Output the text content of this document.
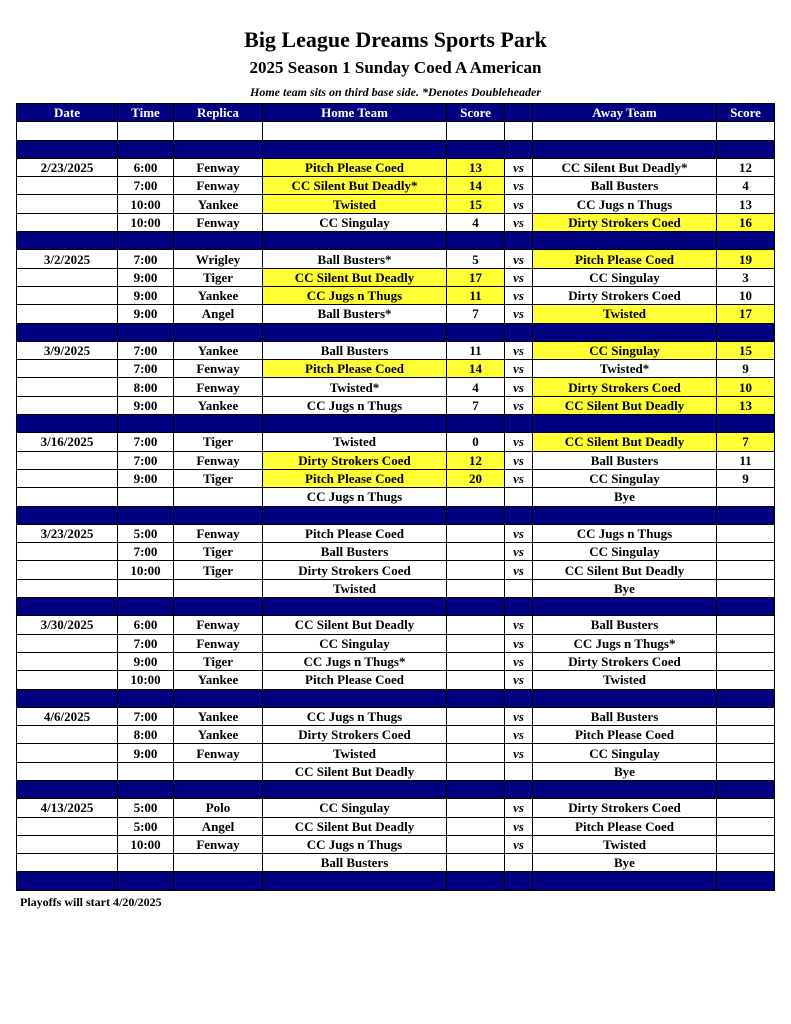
Big League Dreams Sports Park
2025 Season 1 Sunday Coed A American
Home team sits on third base side. *Denotes Doubleheader
Date	Time	Replica	Home Team	Score		Away Team	Score

2/23/2025	6:00	Fenway	Pitch Please Coed	13	vs	CC Silent But Deadly*	12
	7:00	Fenway	CC Silent But Deadly*	14	vs	Ball Busters	4
	10:00	Yankee	Twisted	15	vs	CC Jugs n Thugs	13
	10:00	Fenway	CC Singulay	4	vs	Dirty Strokers Coed	16

3/2/2025	7:00	Wrigley	Ball Busters*	5	vs	Pitch Please Coed	19
	9:00	Tiger	CC Silent But Deadly	17	vs	CC Singulay	3
	9:00	Yankee	CC Jugs n Thugs	11	vs	Dirty Strokers Coed	10
	9:00	Angel	Ball Busters*	7	vs	Twisted	17

3/9/2025	7:00	Yankee	Ball Busters	11	vs	CC Singulay	15
	7:00	Fenway	Pitch Please Coed	14	vs	Twisted*	9
	8:00	Fenway	Twisted*	4	vs	Dirty Strokers Coed	10
	9:00	Yankee	CC Jugs n Thugs	7	vs	CC Silent But Deadly	13

3/16/2025	7:00	Tiger	Twisted	0	vs	CC Silent But Deadly	7
	7:00	Fenway	Dirty Strokers Coed	12	vs	Ball Busters	11
	9:00	Tiger	Pitch Please Coed	20	vs	CC Singulay	9
			CC Jugs n Thugs			Bye	

3/23/2025	5:00	Fenway	Pitch Please Coed		vs	CC Jugs n Thugs	
	7:00	Tiger	Ball Busters		vs	CC Singulay	
	10:00	Tiger	Dirty Strokers Coed		vs	CC Silent But Deadly	
			Twisted			Bye	

3/30/2025	6:00	Fenway	CC Silent But Deadly		vs	Ball Busters	
	7:00	Fenway	CC Singulay		vs	CC Jugs n Thugs*	
	9:00	Tiger	CC Jugs n Thugs*		vs	Dirty Strokers Coed	
	10:00	Yankee	Pitch Please Coed		vs	Twisted	

4/6/2025	7:00	Yankee	CC Jugs n Thugs		vs	Ball Busters	
	8:00	Yankee	Dirty Strokers Coed		vs	Pitch Please Coed	
	9:00	Fenway	Twisted		vs	CC Singulay	
			CC Silent But Deadly			Bye	

4/13/2025	5:00	Polo	CC Singulay		vs	Dirty Strokers Coed	
	5:00	Angel	CC Silent But Deadly		vs	Pitch Please Coed	
	10:00	Fenway	CC Jugs n Thugs		vs	Twisted	
			Ball Busters			Bye	

Playoffs will start 4/20/2025
